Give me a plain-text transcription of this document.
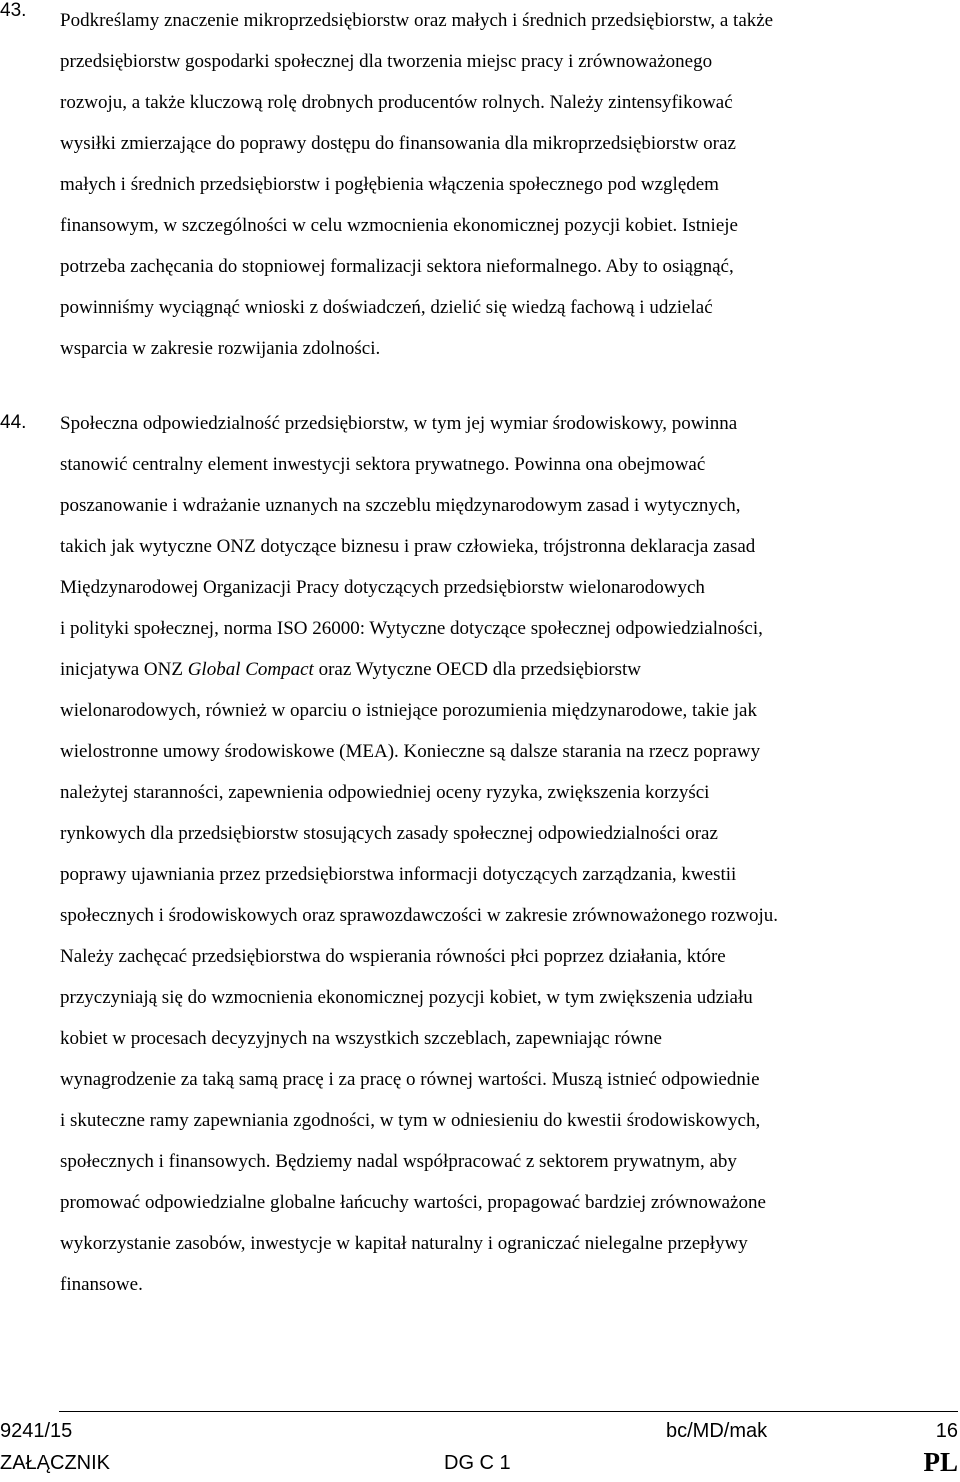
43. Podkreślamy znaczenie mikroprzedsiębiorstw oraz małych i średnich przedsiębiorstw, a także
przedsiębiorstw gospodarki społecznej dla tworzenia miejsc pracy i zrównoważonego
rozwoju, a także kluczową rolę drobnych producentów rolnych. Należy zintensyfikować
wysiłki zmierzające do poprawy dostępu do finansowania dla mikroprzedsiębiorstw oraz
małych i średnich przedsiębiorstw i pogłębienia włączenia społecznego pod względem
finansowym, w szczególności w celu wzmocnienia ekonomicznej pozycji kobiet. Istnieje
potrzeba zachęcania do stopniowej formalizacji sektora nieformalnego. Aby to osiągnąć,
powinniśmy wyciągnąć wnioski z doświadczeń, dzielić się wiedzą fachową i udzielać
wsparcia w zakresie rozwijania zdolności.
44. Społeczna odpowiedzialność przedsiębiorstw, w tym jej wymiar środowiskowy, powinna
stanowić centralny element inwestycji sektora prywatnego. Powinna ona obejmować
poszanowanie i wdrażanie uznanych na szczeblu międzynarodowym zasad i wytycznych,
takich jak wytyczne ONZ dotyczące biznesu i praw człowieka, trójstronna deklaracja zasad
Międzynarodowej Organizacji Pracy dotyczących przedsiębiorstw wielonarodowych
i polityki społecznej, norma ISO 26000: Wytyczne dotyczące społecznej odpowiedzialności,
inicjatywa ONZ Global Compact oraz Wytyczne OECD dla przedsiębiorstw
wielonarodowych, również w oparciu o istniejące porozumienia międzynarodowe, takie jak
wielostronne umowy środowiskowe (MEA). Konieczne są dalsze starania na rzecz poprawy
należytej staranności, zapewnienia odpowiedniej oceny ryzyka, zwiększenia korzyści
rynkowych dla przedsiębiorstw stosujących zasady społecznej odpowiedzialności oraz
poprawy ujawniania przez przedsiębiorstwa informacji dotyczących zarządzania, kwestii
społecznych i środowiskowych oraz sprawozdawczości w zakresie zrównoważonego rozwoju.
Należy zachęcać przedsiębiorstwa do wspierania równości płci poprzez działania, które
przyczyniają się do wzmocnienia ekonomicznej pozycji kobiet, w tym zwiększenia udziału
kobiet w procesach decyzyjnych na wszystkich szczeblach, zapewniając równe
wynagrodzenie za taką samą pracę i za pracę o równej wartości. Muszą istnieć odpowiednie
i skuteczne ramy zapewniania zgodności, w tym w odniesieniu do kwestii środowiskowych,
społecznych i finansowych. Będziemy nadal współpracować z sektorem prywatnym, aby
promować odpowiedzialne globalne łańcuchy wartości, propagować bardziej zrównoważone
wykorzystanie zasobów, inwestycje w kapitał naturalny i ograniczać nielegalne przepływy
finansowe.
9241/15	bc/MD/mak	16
ZAŁĄCZNIK	DG C 1	PL
